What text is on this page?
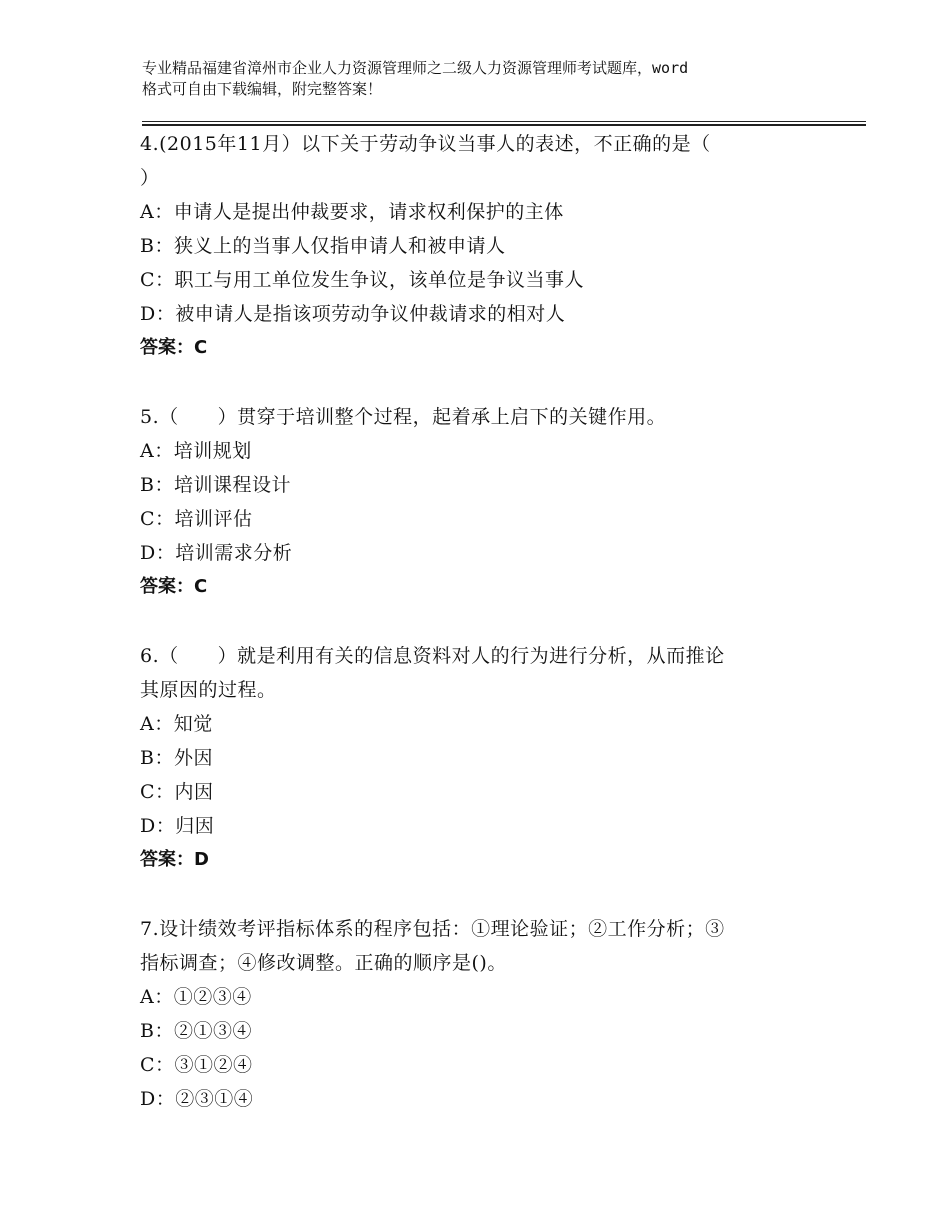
专业精品福建省漳州市企业人力资源管理师之二级人力资源管理师考试题库，word
格式可自由下载编辑，附完整答案！

4.(2015年11月）以下关于劳动争议当事人的表述，不正确的是（

）

A：申请人是提出仲裁要求，请求权利保护的主体

B：狭义上的当事人仅指申请人和被申请人

C：职工与用工单位发生争议，该单位是争议当事人

D：被申请人是指该项劳动争议仲裁请求的相对人

答案：C

5.（　　）贯穿于培训整个过程，起着承上启下的关键作用。

A：培训规划

B：培训课程设计

C：培训评估

D：培训需求分析

答案：C

6.（　　）就是利用有关的信息资料对人的行为进行分析，从而推论

其原因的过程。

A：知觉

B：外因

C：内因

D：归因

答案：D

7.设计绩效考评指标体系的程序包括：①理论验证；②工作分析；③

指标调查；④修改调整。正确的顺序是()。

A：①②③④

B：②①③④

C：③①②④

D：②③①④
